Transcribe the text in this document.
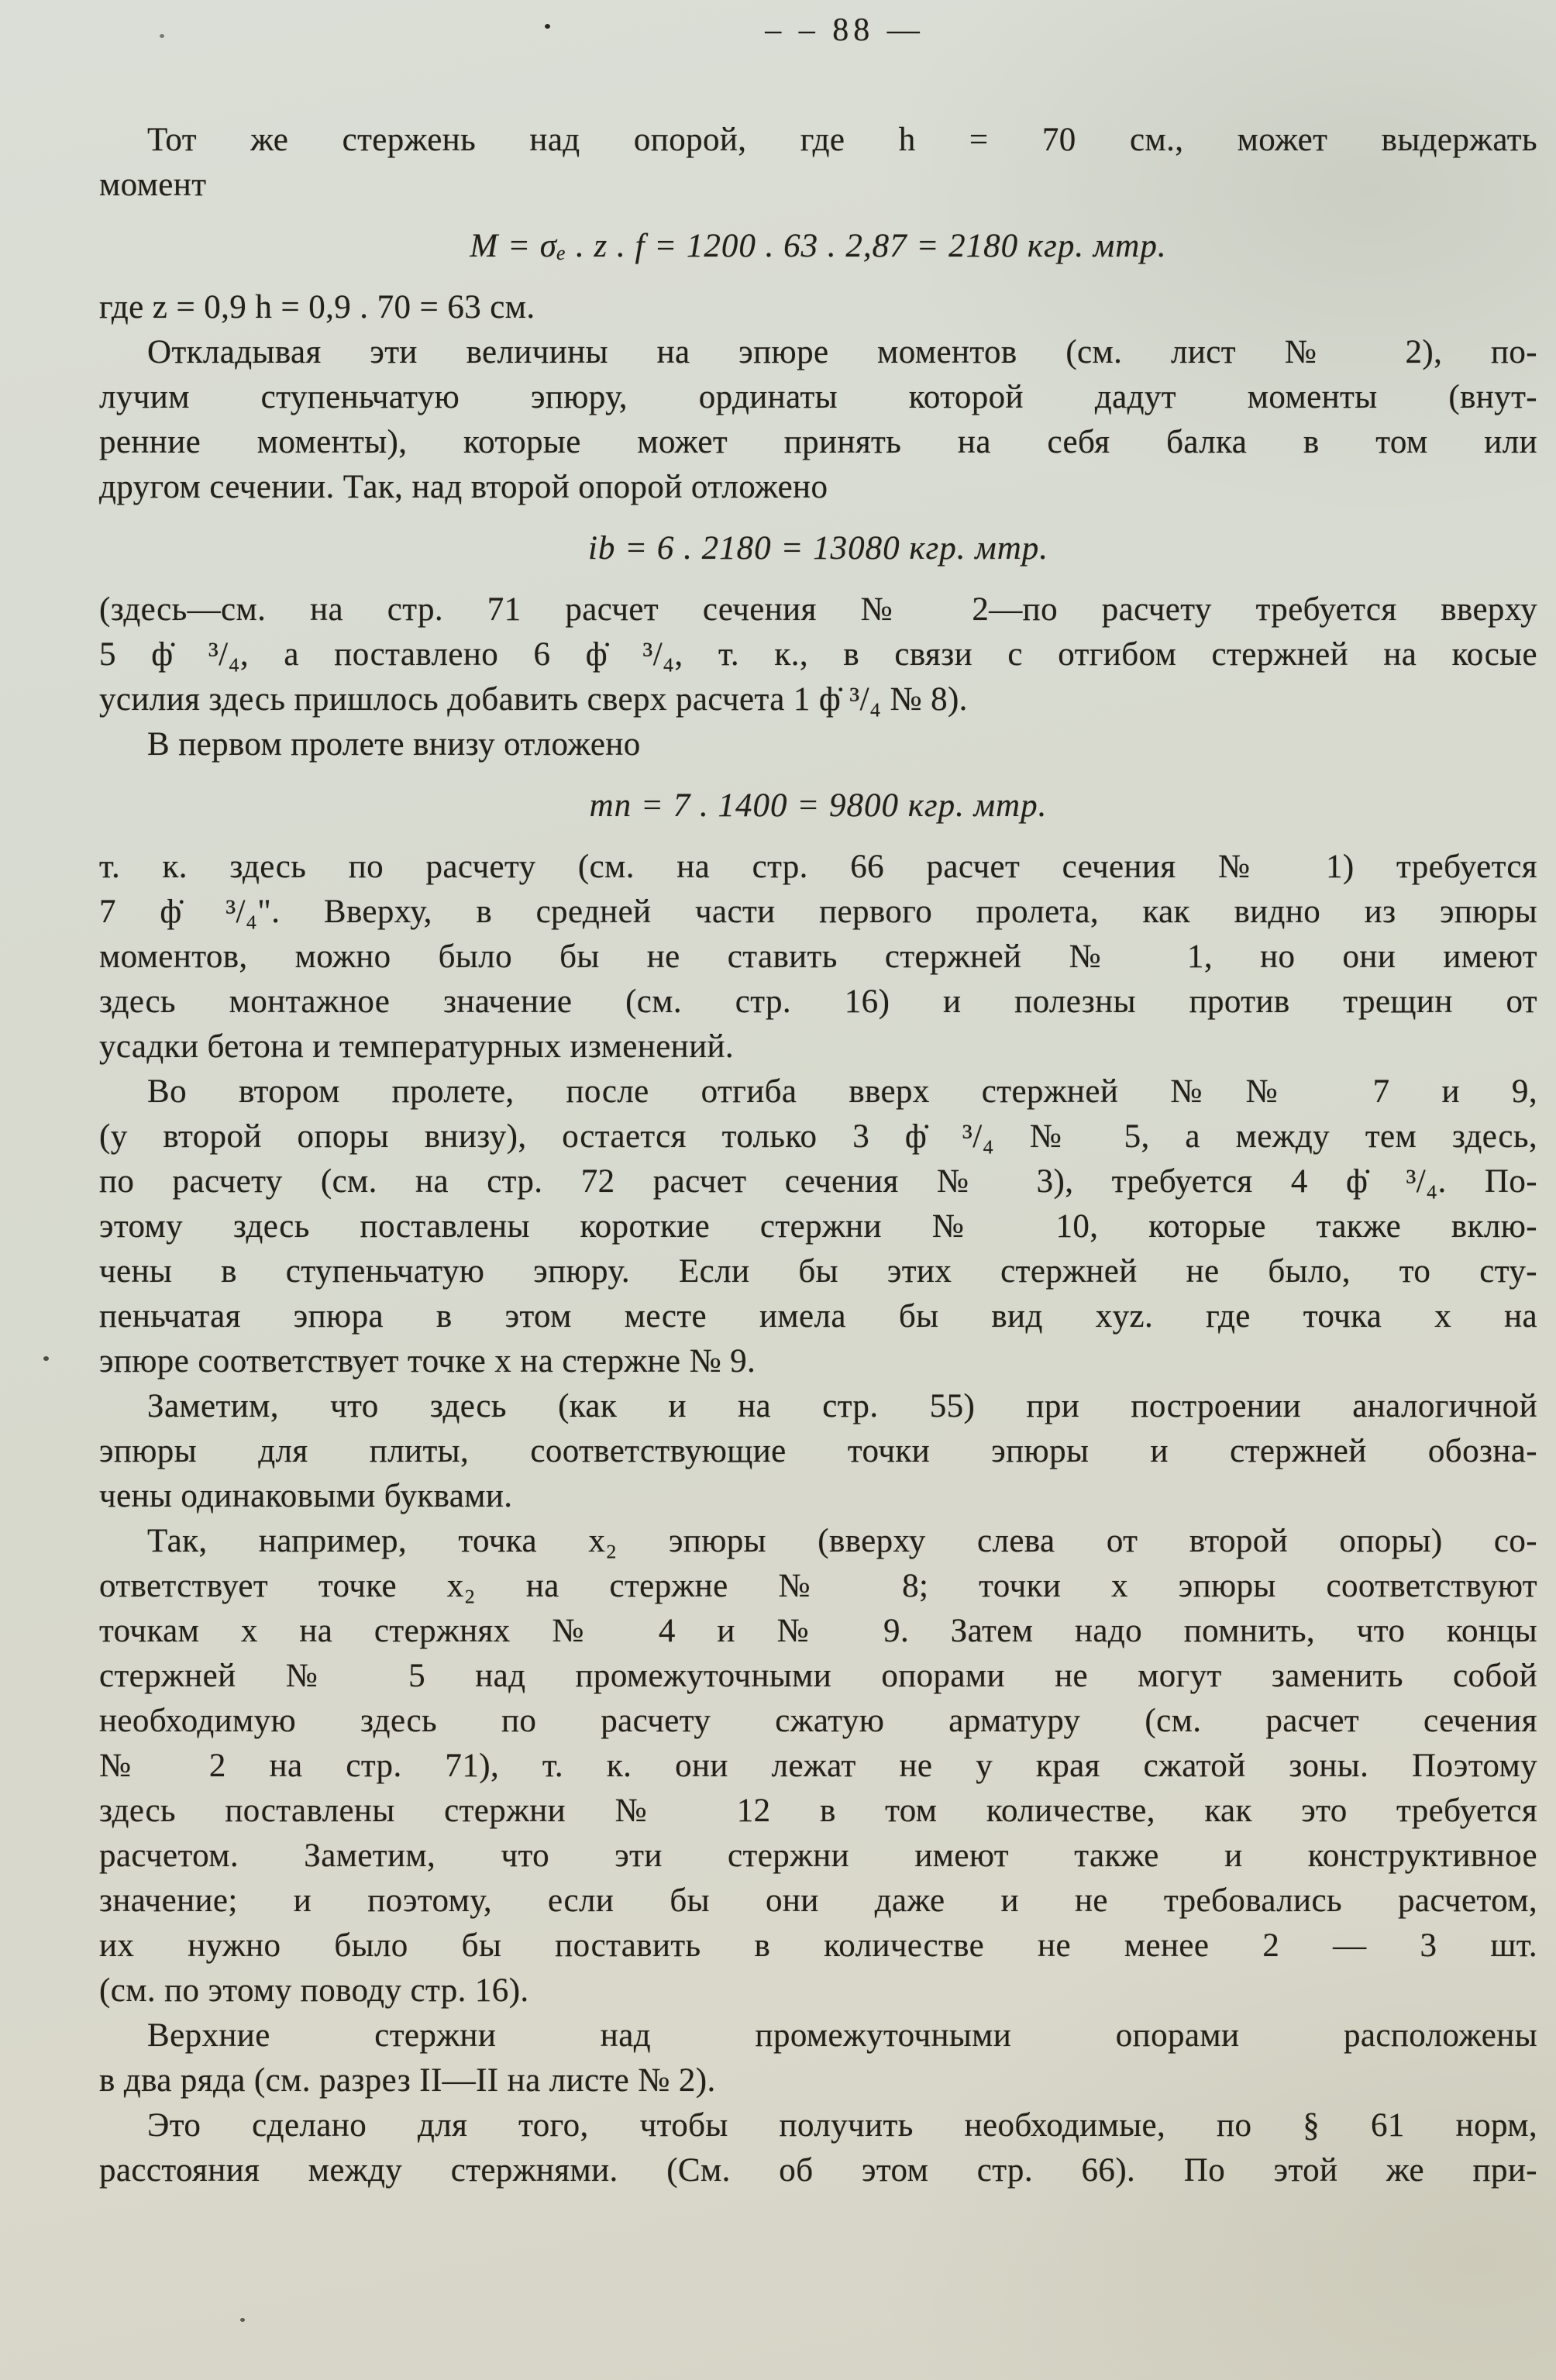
– – 88 —
Тот же стержень над опорой, где h = 70 см., может выдержать
момент
M = σₑ . z . f = 1200 . 63 . 2,87 = 2180 кгр. мтр.
где z = 0,9 h = 0,9 . 70 = 63 см.
Откладывая эти величины на эпюре моментов (см. лист № 2), по-
лучим ступеньчатую эпюру, ординаты которой дадут моменты (внут-
ренние моменты), которые может принять на себя балка в том или
другом сечении. Так, над второй опорой отложено
ib = 6 . 2180 = 13080 кгр. мтр.
(здесь—см. на стр. 71 расчет сечения № 2—по расчету требуется вверху
5 ф̇ ³/₄, а поставлено 6 ф̇ ³/₄, т. к., в связи с отгибом стержней на косые
усилия здесь пришлось добавить сверх расчета 1 ф̇ ³/₄ № 8).
В первом пролете внизу отложено
mn = 7 . 1400 = 9800 кгр. мтр.
т. к. здесь по расчету (см. на стр. 66 расчет сечения № 1) требуется
7 ф̇ ³/₄". Вверху, в средней части первого пролета, как видно из эпюры
моментов, можно было бы не ставить стержней № 1, но они имеют
здесь монтажное значение (см. стр. 16) и полезны против трещин от
усадки бетона и температурных изменений.
Во втором пролете, после отгиба вверх стержней №№ 7 и 9,
(у второй опоры внизу), остается только 3 ф̇ ³/₄ № 5, а между тем здесь,
по расчету (см. на стр. 72 расчет сечения № 3), требуется 4 ф̇ ³/₄. По-
этому здесь поставлены короткие стержни № 10, которые также вклю-
чены в ступеньчатую эпюру. Если бы этих стержней не было, то сту-
пеньчатая эпюра в этом месте имела бы вид xyz. где точка x на
эпюре соответствует точке x на стержне № 9.
Заметим, что здесь (как и на стр. 55) при построении аналогичной
эпюры для плиты, соответствующие точки эпюры и стержней обозна-
чены одинаковыми буквами.
Так, например, точка x₂ эпюры (вверху слева от второй опоры) со-
ответствует точке x₂ на стержне № 8; точки x эпюры соответствуют
точкам x на стержнях № 4 и № 9. Затем надо помнить, что концы
стержней № 5 над промежуточными опорами не могут заменить собой
необходимую здесь по расчету сжатую арматуру (см. расчет сечения
№ 2 на стр. 71), т. к. они лежат не у края сжатой зоны. Поэтому
здесь поставлены стержни № 12 в том количестве, как это требуется
расчетом. Заметим, что эти стержни имеют также и конструктивное
значение; и поэтому, если бы они даже и не требовались расчетом,
их нужно было бы поставить в количестве не менее 2 — 3 шт.
(см. по этому поводу стр. 16).
Верхние стержни над промежуточными опорами расположены
в два ряда (см. разрез II—II на листе № 2).
Это сделано для того, чтобы получить необходимые, по § 61 норм,
расстояния между стержнями. (См. об этом стр. 66). По этой же при-
